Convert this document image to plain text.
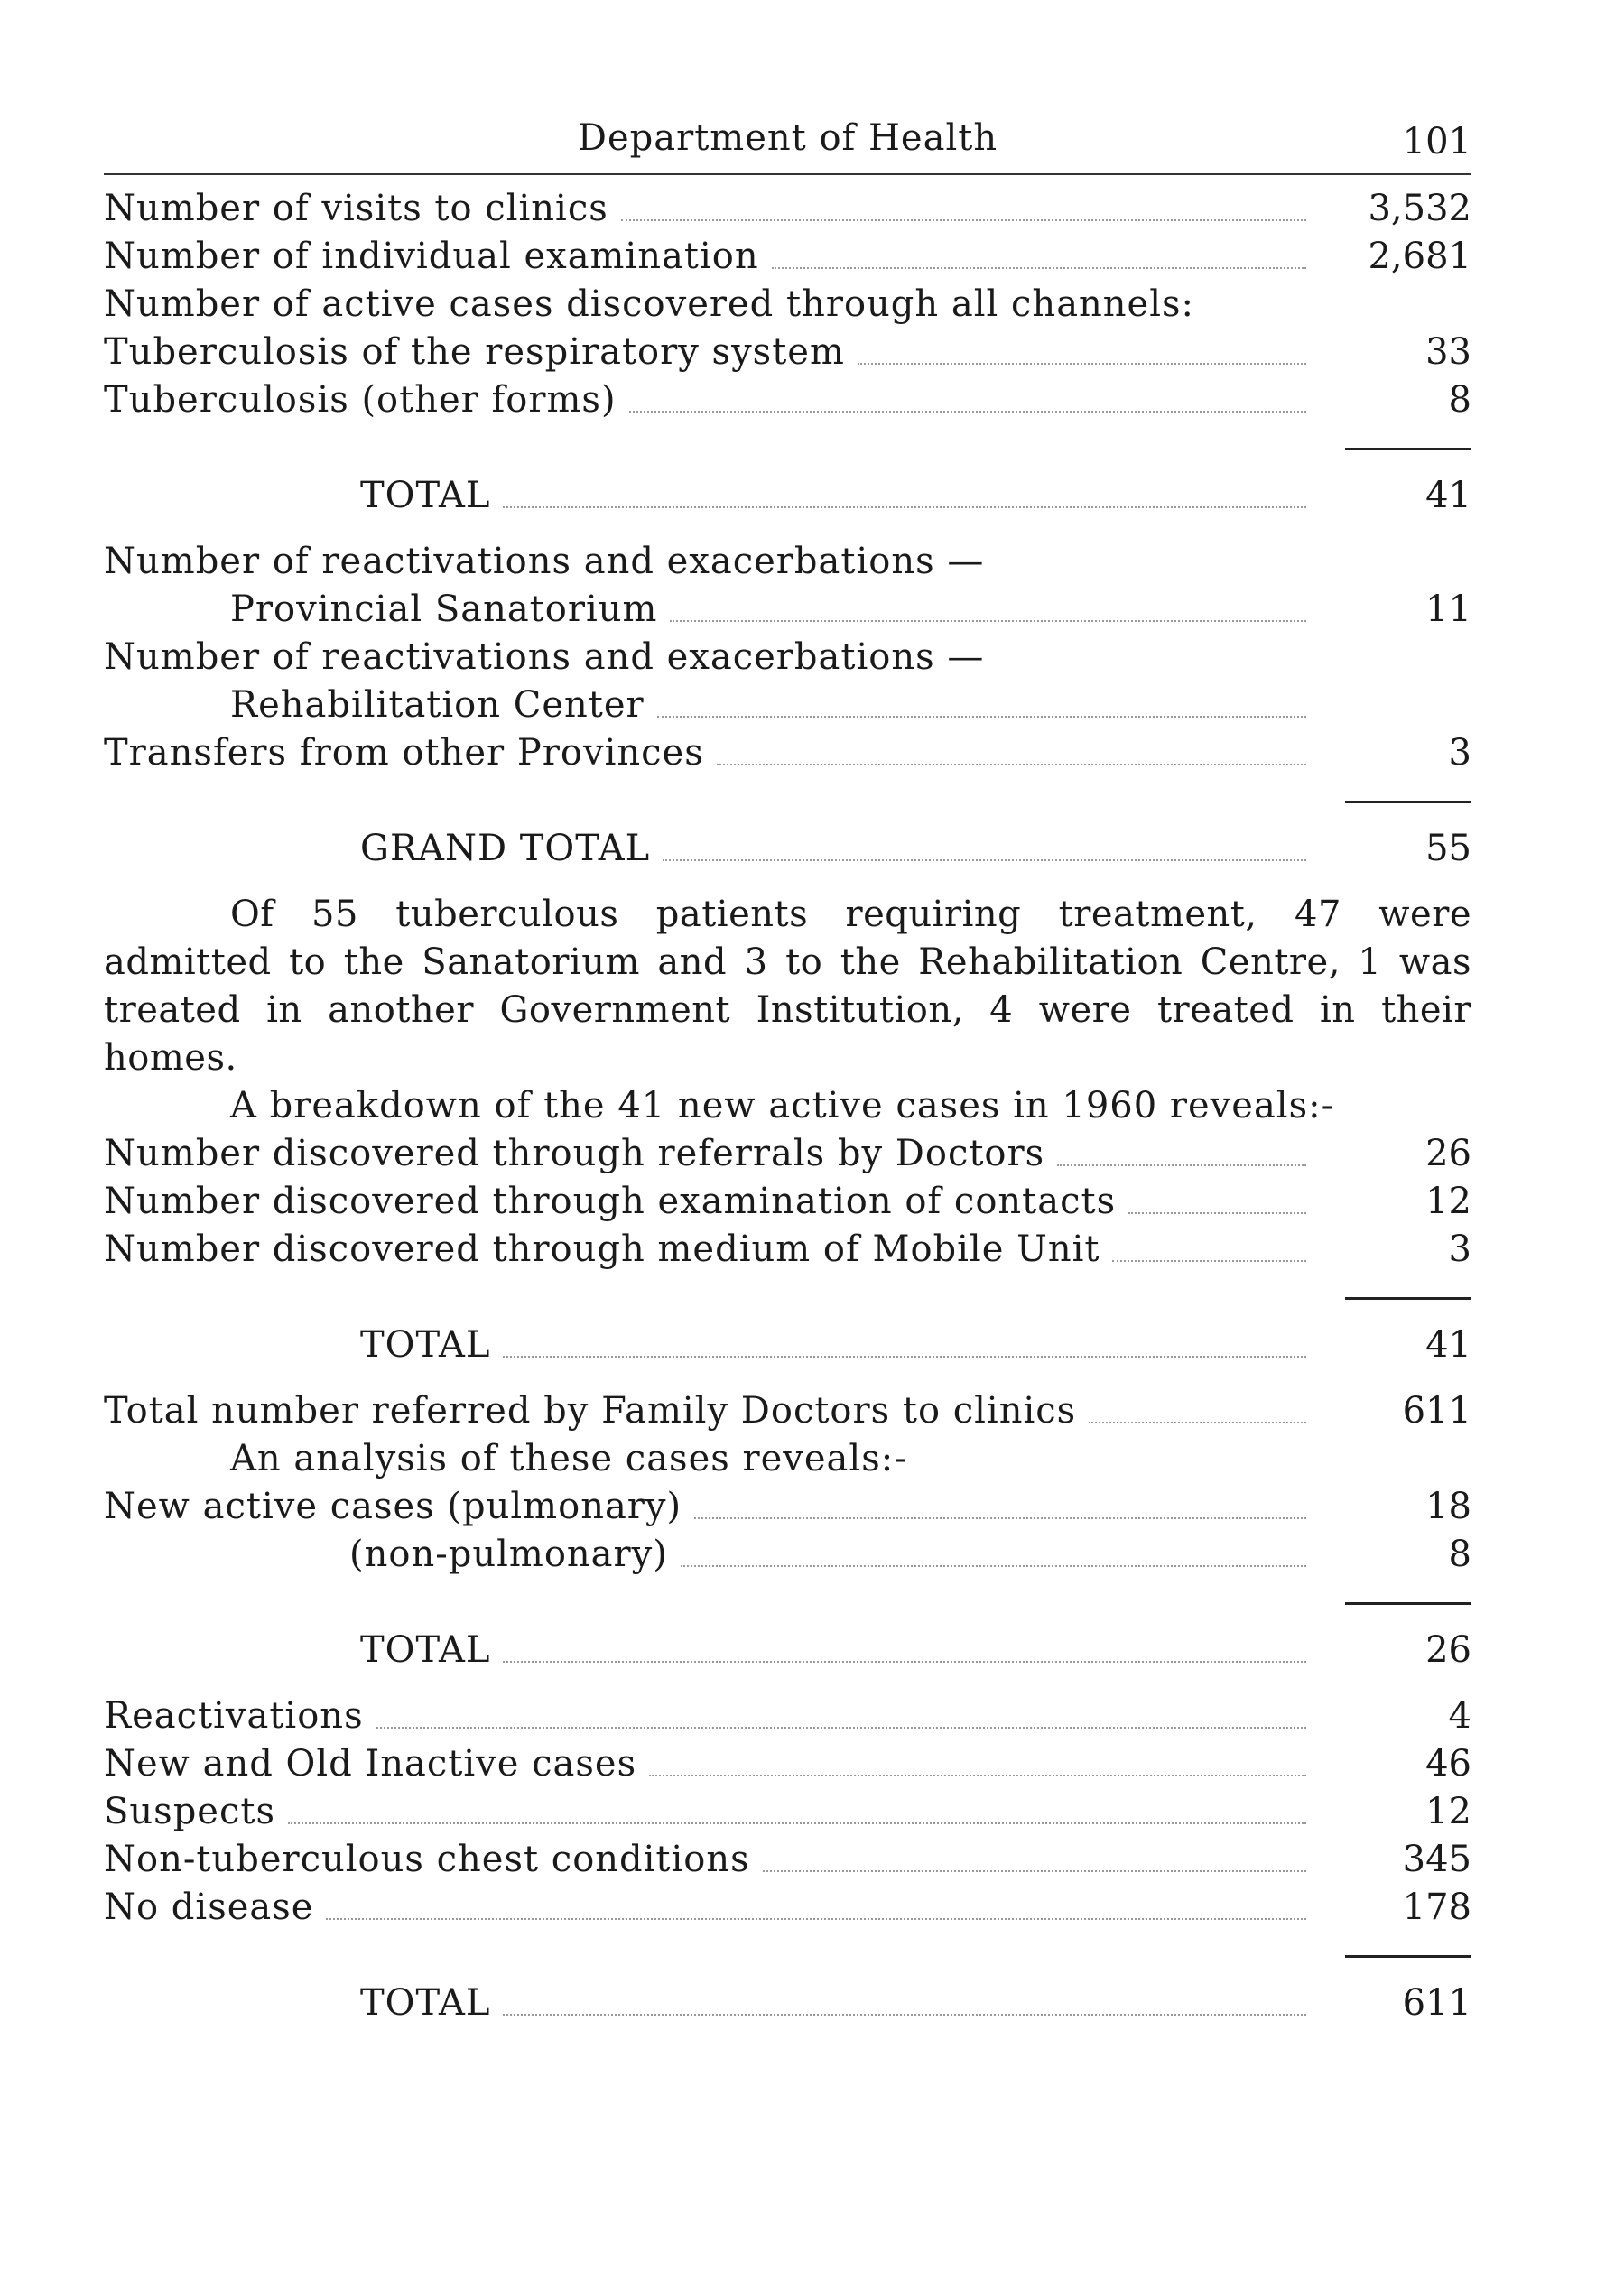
Department of Health	101
Number of visits to clinics	3,532
Number of individual examination	2,681
Number of active cases discovered through all channels:
Tuberculosis of the respiratory system	33
Tuberculosis (other forms)	8
TOTAL	41
Number of reactivations and exacerbations —
Provincial Sanatorium	11
Number of reactivations and exacerbations —
Rehabilitation Center
Transfers from other Provinces	3
GRAND TOTAL	55
Of 55 tuberculous patients requiring treatment, 47 were admitted to the Sanatorium and 3 to the Rehabilitation Centre, 1 was treated in another Government Institution, 4 were treated in their homes.
A breakdown of the 41 new active cases in 1960 reveals:-
Number discovered through referrals by Doctors	26
Number discovered through examination of contacts	12
Number discovered through medium of Mobile Unit	3
TOTAL	41
Total number referred by Family Doctors to clinics	611
An analysis of these cases reveals:-
New active cases (pulmonary)	18
(non-pulmonary)	8
TOTAL	26
Reactivations	4
New and Old Inactive cases	46
Suspects	12
Non-tuberculous chest conditions	345
No disease	178
TOTAL	611
